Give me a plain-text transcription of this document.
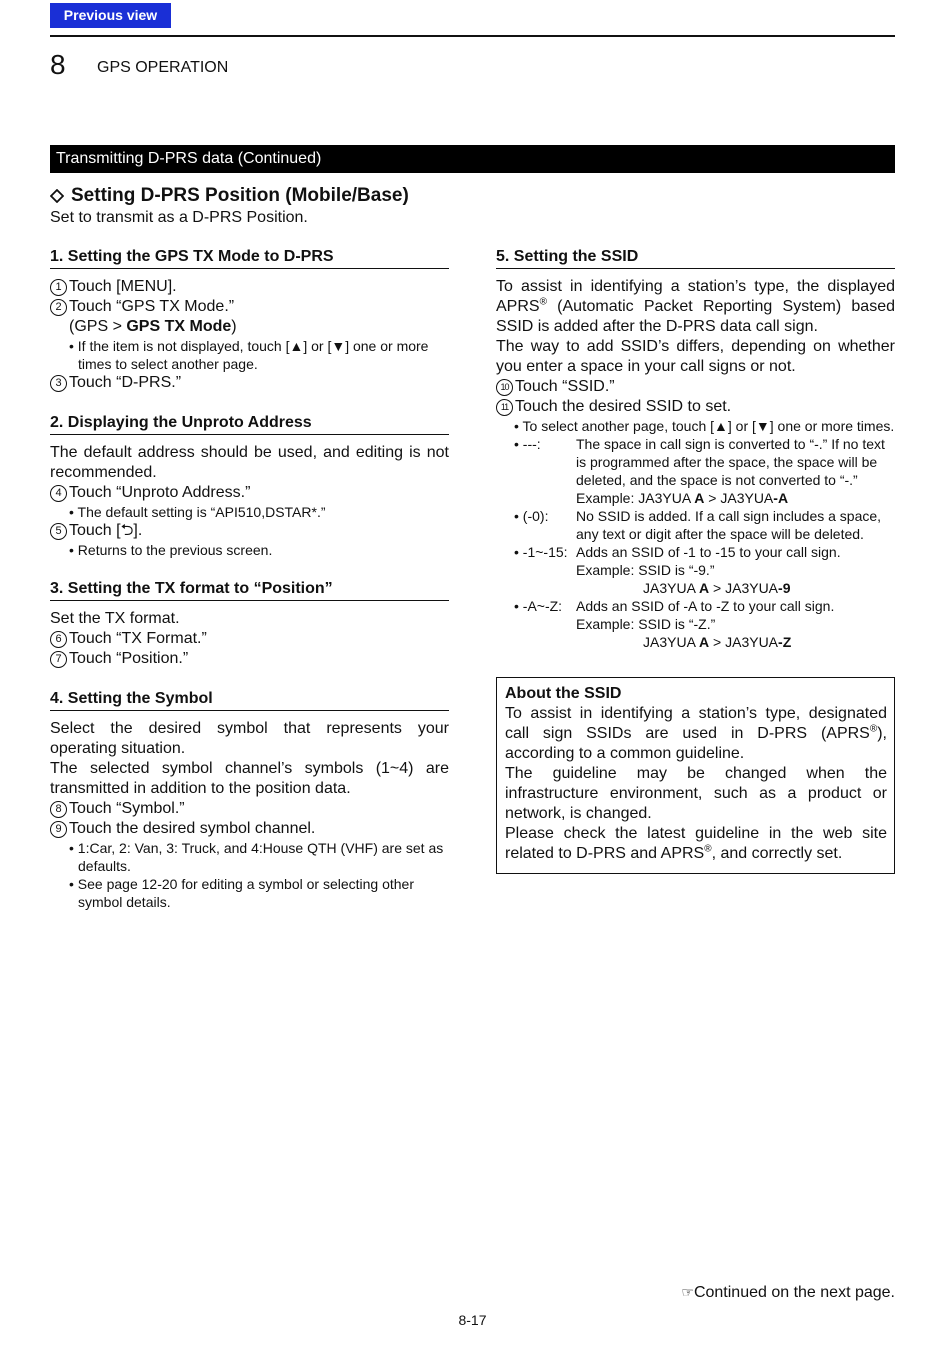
Previous view
8 GPS OPERATION
Transmitting D-PRS data (Continued)
Setting D-PRS Position (Mobile/Base)
Set to transmit as a D-PRS Position.
1. Setting the GPS TX Mode to D-PRS
1 Touch [MENU].
2 Touch “GPS TX Mode.”
(GPS > GPS TX Mode)
• If the item is not displayed, touch [▲] or [▼] one or more times to select another page.
3 Touch “D-PRS.”
2. Displaying the Unproto Address

The default address should be used, and editing is not recommended.

4 Touch “Unproto Address.”
• The default setting is “API510,DSTAR*.”
5 Touch [ ⮌ ].
• Returns to the previous screen.
3. Setting the TX format to “Position”

Set the TX format.

6 Touch “TX Format.”
7 Touch “Position.”
4. Setting the Symbol

Select the desired symbol that represents your operating situation.

The selected symbol channel’s symbols (1~4) are transmitted in addition to the position data.

8 Touch “Symbol.”
9 Touch the desired symbol channel.
• 1:Car, 2: Van, 3: Truck, and 4:House QTH (VHF) are set as defaults.
• See page 12-20 for editing a symbol or selecting other symbol details.
5. Setting the SSID

To assist in identifying a station’s type, the displayed APRS® (Automatic Packet Reporting System) based SSID is added after the D-PRS data call sign.

The way to add SSID’s differs, depending on whether you enter a space in your call signs or not.

10 Touch “SSID.”
11 Touch the desired SSID to set.
• To select another page, touch [▲] or [▼] one or more times.
• ---:	The space in call sign is converted to “-.” If no text is programmed after the space, the space will be deleted, and the space is not converted to “-.”
Example: JA3YUA A > JA3YUA-A
• (-0):	No SSID is added. If a call sign includes a space, any text or digit after the space will be deleted.
• -1~-15: Adds an SSID of -1 to -15 to your call sign.
Example: SSID is “-9.”
JA3YUA A > JA3YUA-9
• -A~-Z: Adds an SSID of -A to -Z to your call sign.
Example: SSID is “-Z.”
JA3YUA A > JA3YUA-Z
About the SSID

To assist in identifying a station’s type, designated call sign SSIDs are used in D-PRS (APRS®), according to a common guideline.

The guideline may be changed when the infrastructure environment, such as a product or network, is changed.

Please check the latest guideline in the web site related to D-PRS and APRS®, and correctly set.

☞Continued on the next page.
8-17
